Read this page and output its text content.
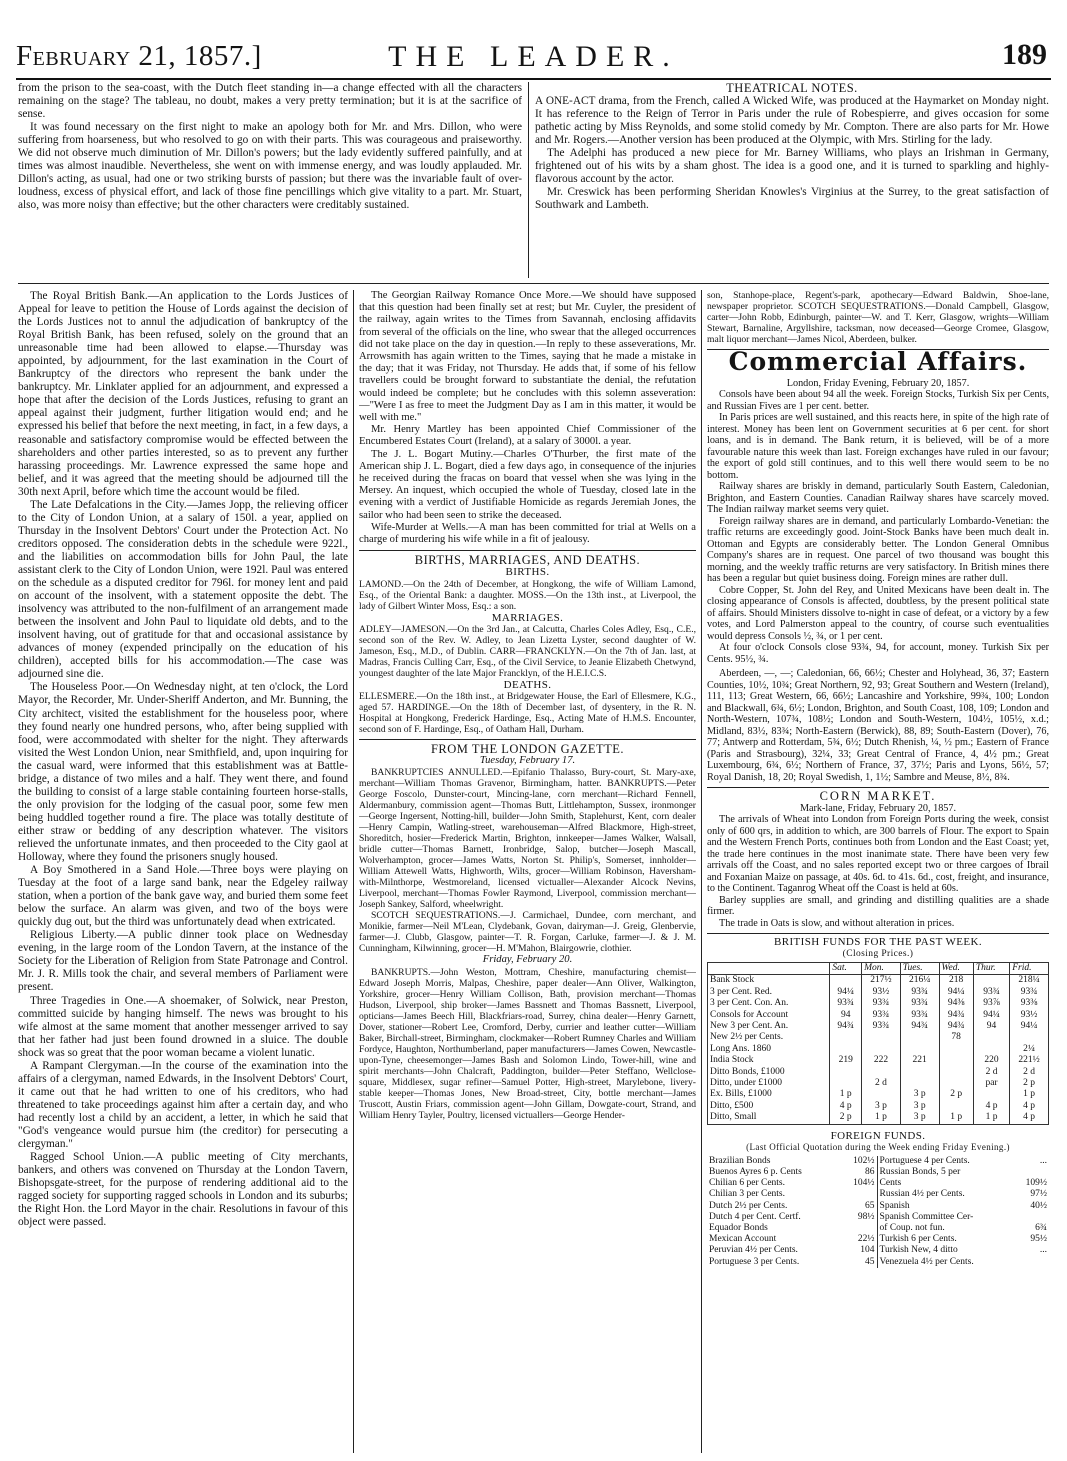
February 21, 1857.]	THE LEADER.	189

from the prison to the sea-coast, with the Dutch fleet standing in—a change effected with all the characters remaining on the stage? The tableau, no doubt, makes a very pretty termination; but it is at the sacrifice of sense.

It was found necessary on the first night to make an apology both for Mr. and Mrs. Dillon, who were suffering from hoarseness, but who resolved to go on with their parts. This was courageous and praiseworthy. We did not observe much diminution of Mr. Dillon's powers; but the lady evidently suffered painfully, and at times was almost inaudible. Nevertheless, she went on with immense energy, and was loudly applauded. Mr. Dillon's acting, as usual, had one or two striking bursts of passion; but there was the invariable fault of over-loudness, excess of physical effort, and lack of those fine pencillings which give vitality to a part. Mr. Stuart, also, was more noisy than effective; but the other characters were creditably sustained.

THEATRICAL NOTES.

A ONE-ACT drama, from the French, called A Wicked Wife, was produced at the Haymarket on Monday night. It has reference to the Reign of Terror in Paris under the rule of Robespierre, and gives occasion for some pathetic acting by Miss Reynolds, and some stolid comedy by Mr. Compton. There are also parts for Mr. Howe and Mr. Rogers.—Another version has been produced at the Olympic, with Mrs. Stirling for the lady.

The Adelphi has produced a new piece for Mr. Barney Williams, who plays an Irishman in Germany, frightened out of his wits by a sham ghost. The idea is a good one, and it is turned to sparkling and highly-flavorous account by the actor.

Mr. Creswick has been performing Sheridan Knowles's Virginius at the Surrey, to the great satisfaction of Southwark and Lambeth.

The Royal British Bank.—An application to the Lords Justices of Appeal for leave to petition the House of Lords against the decision of the Lords Justices not to annul the adjudication of bankruptcy of the Royal British Bank, has been refused, solely on the ground that an unreasonable time had been allowed to elapse.—Thursday was appointed, by adjournment, for the last examination in the Court of Bankruptcy of the directors who represent the bank under the bankruptcy. Mr. Linklater applied for an adjournment, and expressed a hope that after the decision of the Lords Justices, refusing to grant an appeal against their judgment, further litigation would end; and he expressed his belief that before the next meeting, in fact, in a few days, a reasonable and satisfactory compromise would be effected between the shareholders and other parties interested, so as to prevent any further harassing proceedings. Mr. Lawrence expressed the same hope and belief, and it was agreed that the meeting should be adjourned till the 30th next April, before which time the account would be filed.

The Late Defalcations in the City.—James Jopp, the relieving officer to the City of London Union, at a salary of 150l. a year, applied on Thursday in the Insolvent Debtors' Court under the Protection Act. No creditors opposed. The consideration debts in the schedule were 922l., and the liabilities on accommodation bills for John Paul, the late assistant clerk to the City of London Union, were 192l. Paul was entered on the schedule as a disputed creditor for 796l. for money lent and paid on account of the insolvent, with a statement opposite the debt. The insolvency was attributed to the non-fulfilment of an arrangement made between the insolvent and John Paul to liquidate old debts, and to the insolvent having, out of gratitude for that and occasional assistance by advances of money (expended principally on the education of his children), accepted bills for his accommodation.—The case was adjourned sine die.

The Houseless Poor.—On Wednesday night, at ten o'clock, the Lord Mayor, the Recorder, Mr. Under-Sheriff Anderton, and Mr. Bunning, the City architect, visited the establishment for the houseless poor, where they found nearly one hundred persons, who, after being supplied with food, were accommodated with shelter for the night. They afterwards visited the West London Union, near Smithfield, and, upon inquiring for the casual ward, were informed that this establishment was at Battle-bridge, a distance of two miles and a half. They went there, and found the building to consist of a large stable containing fourteen horse-stalls, the only provision for the lodging of the casual poor, some few men being huddled together round a fire. The place was totally destitute of either straw or bedding of any description whatever. The visitors relieved the unfortunate inmates, and then proceeded to the City gaol at Holloway, where they found the prisoners snugly housed.

A Boy Smothered in a Sand Hole.—Three boys were playing on Tuesday at the foot of a large sand bank, near the Edgeley railway station, when a portion of the bank gave way, and buried them some feet below the surface. An alarm was given, and two of the boys were quickly dug out, but the third was unfortunately dead when extricated.

Religious Liberty.—A public dinner took place on Wednesday evening, in the large room of the London Tavern, at the instance of the Society for the Liberation of Religion from State Patronage and Control. Mr. J. R. Mills took the chair, and several members of Parliament were present.

Three Tragedies in One.—A shoemaker, of Solwick, near Preston, committed suicide by hanging himself. The news was brought to his wife almost at the same moment that another messenger arrived to say that her father had just been found drowned in a sluice. The double shock was so great that the poor woman became a violent lunatic.

A Rampant Clergyman.—In the course of the examination into the affairs of a clergyman, named Edwards, in the Insolvent Debtors' Court, it came out that he had written to one of his creditors, who had threatened to take proceedings against him after a certain day, and who had recently lost a child by an accident, a letter, in which he said that "God's vengeance would pursue him (the creditor) for persecuting a clergyman."

Ragged School Union.—A public meeting of City merchants, bankers, and others was convened on Thursday at the London Tavern, Bishopsgate-street, for the purpose of rendering additional aid to the ragged society for supporting ragged schools in London and its suburbs; the Right Hon. the Lord Mayor in the chair. Resolutions in favour of this object were passed.

The Georgian Railway Romance Once More.—We should have supposed that this question had been finally set at rest; but Mr. Cuyler, the president of the railway, again writes to the Times from Savannah, enclosing affidavits from several of the officials on the line, who swear that the alleged occurrences did not take place on the day in question.—In reply to these asseverations, Mr. Arrowsmith has again written to the Times, saying that he made a mistake in the day; that it was Friday, not Thursday. He adds that, if some of his fellow travellers could be brought forward to substantiate the denial, the refutation would indeed be complete; but he concludes with this solemn asseveration:—"Were I as free to meet the Judgment Day as I am in this matter, it would be well with me."

Mr. Henry Martley has been appointed Chief Commissioner of the Encumbered Estates Court (Ireland), at a salary of 3000l. a year.

The J. L. Bogart Mutiny.—Charles O'Thurber, the first mate of the American ship J. L. Bogart, died a few days ago, in consequence of the injuries he received during the fracas on board that vessel when she was lying in the Mersey. An inquest, which occupied the whole of Tuesday, closed late in the evening with a verdict of Justifiable Homicide as regards Jeremiah Jones, the sailor who had been seen to strike the deceased.

Wife-Murder at Wells.—A man has been committed for trial at Wells on a charge of murdering his wife while in a fit of jealousy.

BIRTHS, MARRIAGES, AND DEATHS.
BIRTHS.

LAMOND.—On the 24th of December, at Hongkong, the wife of William Lamond, Esq., of the Oriental Bank: a daughter. MOSS.—On the 13th inst., at Liverpool, the lady of Gilbert Winter Moss, Esq.: a son.

MARRIAGES.

ADLEY—JAMESON.—On the 3rd Jan., at Calcutta, Charles Coles Adley, Esq., C.E., second son of the Rev. W. Adley, to Jean Lizetta Lyster, second daughter of W. Jameson, Esq., M.D., of Dublin. CARR—FRANCKLYN.—On the 7th of Jan. last, at Madras, Francis Culling Carr, Esq., of the Civil Service, to Jeanie Elizabeth Chetwynd, youngest daughter of the late Major Francklyn, of the H.E.I.C.S.

DEATHS.

ELLESMERE.—On the 18th inst., at Bridgewater House, the Earl of Ellesmere, K.G., aged 57. HARDINGE.—On the 18th of December last, of dysentery, in the R. N. Hospital at Hongkong, Frederick Hardinge, Esq., Acting Mate of H.M.S. Encounter, second son of F. Hardinge, Esq., of Oatham Hall, Durham.

FROM THE LONDON GAZETTE.
Tuesday, February 17.

BANKRUPTCIES ANNULLED.—Epifanio Thalasso, Bury-court, St. Mary-axe, merchant—William Thomas Gravenor, Birmingham, hatter. BANKRUPTS.—Peter George Foscolo, Dunster-court, Mincing-lane, corn merchant—Richard Fennell, Aldermanbury, commission agent—Thomas Butt, Littlehampton, Sussex, ironmonger—George Ingersent, Notting-hill, builder—John Smith, Staplehurst, Kent, corn dealer—Henry Campin, Watling-street, warehouseman—Alfred Blackmore, High-street, Shoreditch, hosier—Frederick Martin, Brighton, innkeeper—James Walker, Walsall, bridle cutter—Thomas Barnett, Ironbridge, Salop, butcher—Joseph Mascall, Wolverhampton, grocer—James Watts, Norton St. Philip's, Somerset, innholder—William Attewell Watts, Highworth, Wilts, grocer—William Robinson, Haversham-with-Milnthorpe, Westmoreland, licensed victualler—Alexander Alcock Nevins, Liverpool, merchant—Thomas Fowler Raymond, Liverpool, commission merchant—Joseph Sankey, Salford, wheelwright.

SCOTCH SEQUESTRATIONS.—J. Carmichael, Dundee, corn merchant, and Monikie, farmer—Neil M'Lean, Clydebank, Govan, dairyman—J. Greig, Glenbervie, farmer—J. Clubb, Glasgow, painter—T. R. Forgan, Carluke, farmer—J. & J. M. Cunningham, Kilwinning, grocer—H. M'Mahon, Blairgowrie, clothier.

Friday, February 20.

BANKRUPTS.—John Weston, Mottram, Cheshire, manufacturing chemist—Edward Joseph Morris, Malpas, Cheshire, paper dealer—Ann Oliver, Walkington, Yorkshire, grocer—Henry William Collison, Bath, provision merchant—Thomas Hudson, Liverpool, ship broker—James Bassnett and Thomas Bassnett, Liverpool, opticians—James Beech Hill, Blackfriars-road, Surrey, china dealer—Henry Garnett, Dover, stationer—Robert Lee, Cromford, Derby, currier and leather cutter—William Baker, Birchall-street, Birmingham, clockmaker—Robert Rumney Charles and William Fordyce, Haughton, Northumberland, paper manufacturers—James Cowen, Newcastle-upon-Tyne, cheesemonger—James Bash and Solomon Lindo, Tower-hill, wine and spirit merchants—John Chalcraft, Paddington, builder—Peter Steffano, Wellclose-square, Middlesex, sugar refiner—Samuel Potter, High-street, Marylebone, livery-stable keeper—Thomas Jones, New Broad-street, City, bottle merchant—James Truscott, Austin Friars, commission agent—John Gillam, Dowgate-court, Strand, and William Henry Tayler, Poultry, licensed victuallers—George Hender-

son, Stanhope-place, Regent's-park, apothecary—Edward Baldwin, Shoe-lane, newspaper proprietor. SCOTCH SEQUESTRATIONS.—Donald Campbell, Glasgow, carter—John Robb, Edinburgh, painter—W. and T. Kerr, Glasgow, wrights—William Stewart, Barnaline, Argyllshire, tacksman, now deceased—George Cromee, Glasgow, malt liquor merchant—James Nicol, Aberdeen, bulker.

Commercial Affairs.
London, Friday Evening, February 20, 1857.

Consols have been about 94 all the week. Foreign Stocks, Turkish Six per Cents, and Russian Fives are 1 per cent. better.

In Paris prices are well sustained, and this reacts here, in spite of the high rate of interest. Money has been lent on Government securities at 6 per cent. for short loans, and is in demand. The Bank return, it is believed, will be of a more favourable nature this week than last. Foreign exchanges have ruled in our favour; the export of gold still continues, and to this well there would seem to be no bottom.

Railway shares are briskly in demand, particularly South Eastern, Caledonian, Brighton, and Eastern Counties. Canadian Railway shares have scarcely moved. The Indian railway market seems very quiet.

Foreign railway shares are in demand, and particularly Lombardo-Venetian: the traffic returns are exceedingly good. Joint-Stock Banks have been much dealt in. Ottoman and Egypts are considerably better. The London General Omnibus Company's shares are in request. One parcel of two thousand was bought this morning, and the weekly traffic returns are very satisfactory. In British mines there has been a regular but quiet business doing. Foreign mines are rather dull.

Cobre Copper, St. John del Rey, and United Mexicans have been dealt in. The closing appearance of Consols is affected, doubtless, by the present political state of affairs. Should Ministers dissolve to-night in case of defeat, or a victory by a few votes, and Lord Palmerston appeal to the country, of course such eventualities would depress Consols ½, ¾, or 1 per cent.

At four o'clock Consols close 93¾, 94, for account, money. Turkish Six per Cents. 95½, ¾.

Aberdeen, —, —; Caledonian, 66, 66½; Chester and Holyhead, 36, 37; Eastern Counties, 10½, 10¾; Great Northern, 92, 93; Great Southern and Western (Ireland), 111, 113; Great Western, 66, 66½; Lancashire and Yorkshire, 99¾, 100; London and Blackwall, 6¾, 6½; London, Brighton, and South Coast, 108, 109; London and North-Western, 107¾, 108½; London and South-Western, 104½, 105½, x.d.; Midland, 83½, 83¾; North-Eastern (Berwick), 88, 89; South-Eastern (Dover), 76, 77; Antwerp and Rotterdam, 5¾, 6½; Dutch Rhenish, ¼, ½ pm.; Eastern of France (Paris and Strasbourg), 32¼, 33; Great Central of France, 4, 4½ pm.; Great Luxembourg, 6¾, 6½; Northern of France, 37, 37½; Paris and Lyons, 56½, 57; Royal Danish, 18, 20; Royal Swedish, 1, 1½; Sambre and Meuse, 8½, 8¾.

CORN MARKET.
Mark-lane, Friday, February 20, 1857.

The arrivals of Wheat into London from Foreign Ports during the week, consist only of 600 qrs, in addition to which, are 300 barrels of Flour. The export to Spain and the Western French Ports, continues both from London and the East Coast; yet, the trade here continues in the most inanimate state. There have been very few arrivals off the Coast, and no sales reported except two or three cargoes of Ibrail and Foxanian Maize on passage, at 40s. 6d. to 41s. 6d., cost, freight, and insurance, to the Continent. Taganrog Wheat off the Coast is held at 60s.

Barley supplies are small, and grinding and distilling qualities are a shade firmer.

The trade in Oats is slow, and without alteration in prices.

BRITISH FUNDS FOR THE PAST WEEK.
(Closing Prices.)
	Sat.	Mon.	Tues.	Wed.	Thur.	Frid.
Bank Stock		217½	216¼	218		218¼
3 per Cent. Red.	94¼	93½	93¾	94¼	93¾	93¾
3 per Cent. Con. An.	93¾	93¾	93¾	94⅜	93⅞	93⅜
Consols for Account	94	93¾	93¾	94¾	94¼	93½
New 3 per Cent. An.	94¾	93¾	94¾	94¾	94	94¼
New 2½ per Cents.				78		
Long Ans. 1860						2¼
India Stock	219	222	221		220	221½
Ditto Bonds, £1000					2 d	2 d
Ditto, under £1000		2 d			par	2 p
Ex. Bills, £1000	1 p		3 p	2 p		1 p
Ditto, £500	4 p	3 p	3 p		4 p	4 p
Ditto, Small	2 p	1 p	3 p	1 p	1 p	4 p
FOREIGN FUNDS.
(Last Official Quotation during the Week ending Friday Evening.)
Brazilian Bonds	102½	Portuguese 4 per Cents.	...
Buenos Ayres 6 p. Cents	86	Russian Bonds, 5 per	
Chilian 6 per Cents.	104½	Cents	109½
Chilian 3 per Cents.		Russian 4½ per Cents.	97½
Dutch 2½ per Cents.	65	Spanish	40½
Dutch 4 per Cent. Certf.	98½	Spanish Committee Cer-	
Equador Bonds		of Coup. not fun.	6¾
Mexican Account	22½	Turkish 6 per Cents.	95½
Peruvian 4½ per Cents.	104	Turkish New, 4 ditto	...
Portuguese 3 per Cents.	45	Venezuela 4½ per Cents.	
